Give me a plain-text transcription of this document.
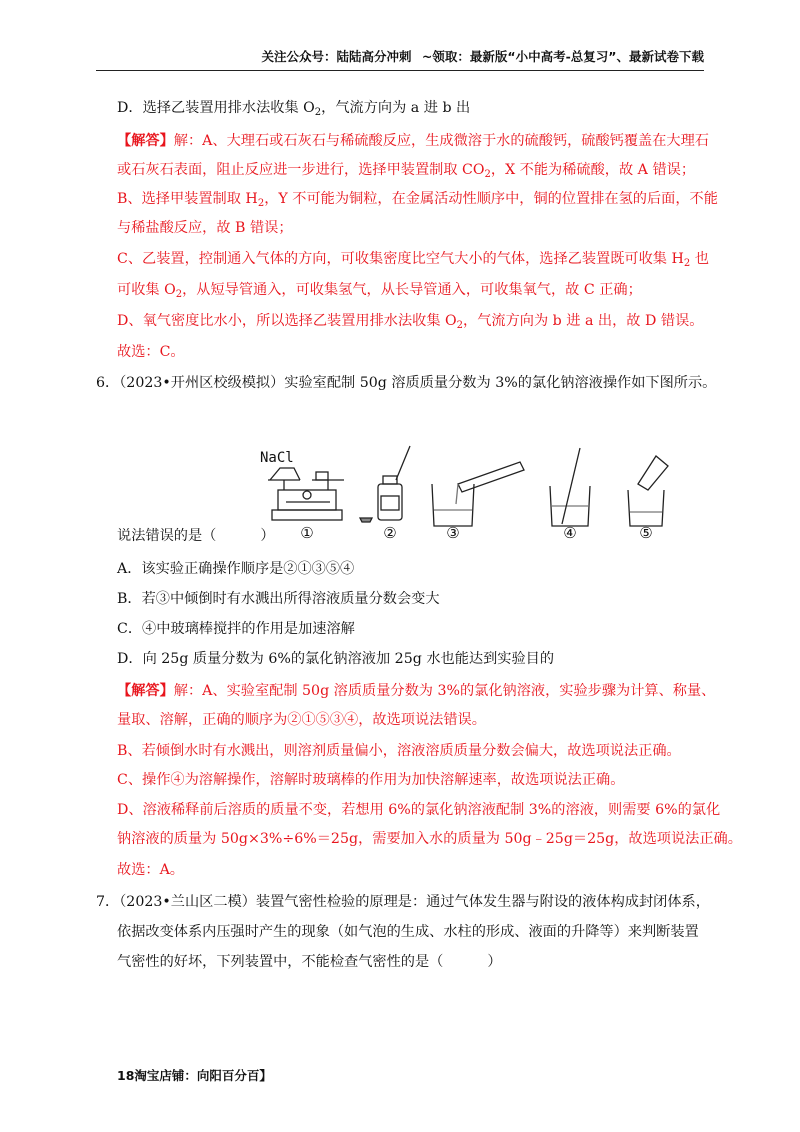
关注公众号：陆陆高分冲刺 ~领取：最新版“小中高考-总复习”、最新试卷下载
D．选择乙装置用排水法收集 $O_2$，气流方向为 a 进 b 出
【解答】解：A、大理石或石灰石与稀硫酸反应，生成微溶于水的硫酸钙，硫酸钙覆盖在大理石
或石灰石表面，阻止反应进一步进行，选择甲装置制取 $CO_2$，X 不能为稀硫酸，故 A 错误；
B、选择甲装置制取 $H_2$，Y 不可能为铜粒，在金属活动性顺序中，铜的位置排在氢的后面，不能
与稀盐酸反应，故 B 错误；
C、乙装置，控制通入气体的方向，可收集密度比空气大小的气体，选择乙装置既可收集 $H_2$ 也
可收集 $O_2$，从短导管通入，可收集氢气，从长导管通入，可收集氧气，故 C 正确；
D、氧气密度比水小，所以选择乙装置用排水法收集 $O_2$，气流方向为 b 进 a 出，故 D 错误。
故选：C。
6．（2023•开州区校级模拟）实验室配制 50g 溶质质量分数为 3%的氯化钠溶液操作如下图所示。
NaCl
①	②	③	④	⑤
说法错误的是（	）
A．该实验正确操作顺序是②①③⑤④
B．若③中倾倒时有水溅出所得溶液质量分数会变大
C．④中玻璃棒搅拌的作用是加速溶解
D．向 25g 质量分数为 6%的氯化钠溶液加 25g 水也能达到实验目的
【解答】解：A、实验室配制 50g 溶质质量分数为 3%的氯化钠溶液，实验步骤为计算、称量、
量取、溶解，正确的顺序为②①⑤③④，故选项说法错误。
B、若倾倒水时有水溅出，则溶剂质量偏小，溶液溶质质量分数会偏大，故选项说法正确。
C、操作④为溶解操作，溶解时玻璃棒的作用为加快溶解速率，故选项说法正确。
D、溶液稀释前后溶质的质量不变，若想用 6%的氯化钠溶液配制 3%的溶液，则需要 6%的氯化
钠溶液的质量为 50g×3%÷6%＝25g，需要加入水的质量为 50g﹣25g＝25g，故选项说法正确。
故选：A。
7．（2023•兰山区二模）装置气密性检验的原理是：通过气体发生器与附设的液体构成封闭体系，
依据改变体系内压强时产生的现象（如气泡的生成、水柱的形成、液面的升降等）来判断装置
气密性的好坏，下列装置中，不能检查气密性的是（	）
18淘宝店铺：向阳百分百】
